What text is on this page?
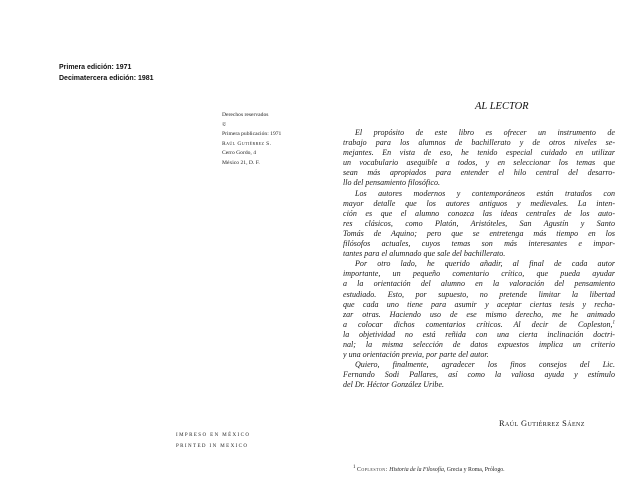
Primera edición: 1971
Decimatercera edición: 1981
Derechos reservados
©
Primera publicación: 1971
Raúl Gutiérrez S.
Cerro Gordo, 4
México 21, D. F.
IMPRESO EN MÉXICO
PRINTED IN MEXICO
AL LECTOR
El propósito de este libro es ofrecer un instrumento de
trabajo para los alumnos de bachillerato y de otros niveles se-
mejantes. En vista de eso, he tenido especial cuidado en utilizar
un vocabulario asequible a todos, y en seleccionar los temas que
sean más apropiados para entender el hilo central del desarro-
llo del pensamiento filosófico.
Los autores modernos y contemporáneos están tratados con
mayor detalle que los autores antiguos y medievales. La inten-
ción es que el alumno conozca las ideas centrales de los auto-
res clásicos, como Platón, Aristóteles, San Agustín y Santo
Tomás de Aquino; pero que se entretenga más tiempo en los
filósofos actuales, cuyos temas son más interesantes e impor-
tantes para el alumnado que sale del bachillerato.
Por otro lado, he querido añadir, al final de cada autor
importante, un pequeño comentario crítico, que pueda ayudar
a la orientación del alumno en la valoración del pensamiento
estudiado. Esto, por supuesto, no pretende limitar la libertad
que cada uno tiene para asumir y aceptar ciertas tesis y recha-
zar otras. Haciendo uso de ese mismo derecho, me he animado
a colocar dichos comentarios críticos. Al decir de Copleston,$^1$
la objetividad no está reñida con una cierta inclinación doctri-
nal; la misma selección de datos expuestos implica un criterio
y una orientación previa, por parte del autor.
Quiero, finalmente, agradecer los finos consejos del Lic.
Fernando Sodi Pallares, así como la valiosa ayuda y estímulo
del Dr. Héctor González Uribe.
Raúl Gutiérrez Sáenz
$^1$ Copleston: Historia de la Filosofía, Grecia y Roma, Prólogo.
